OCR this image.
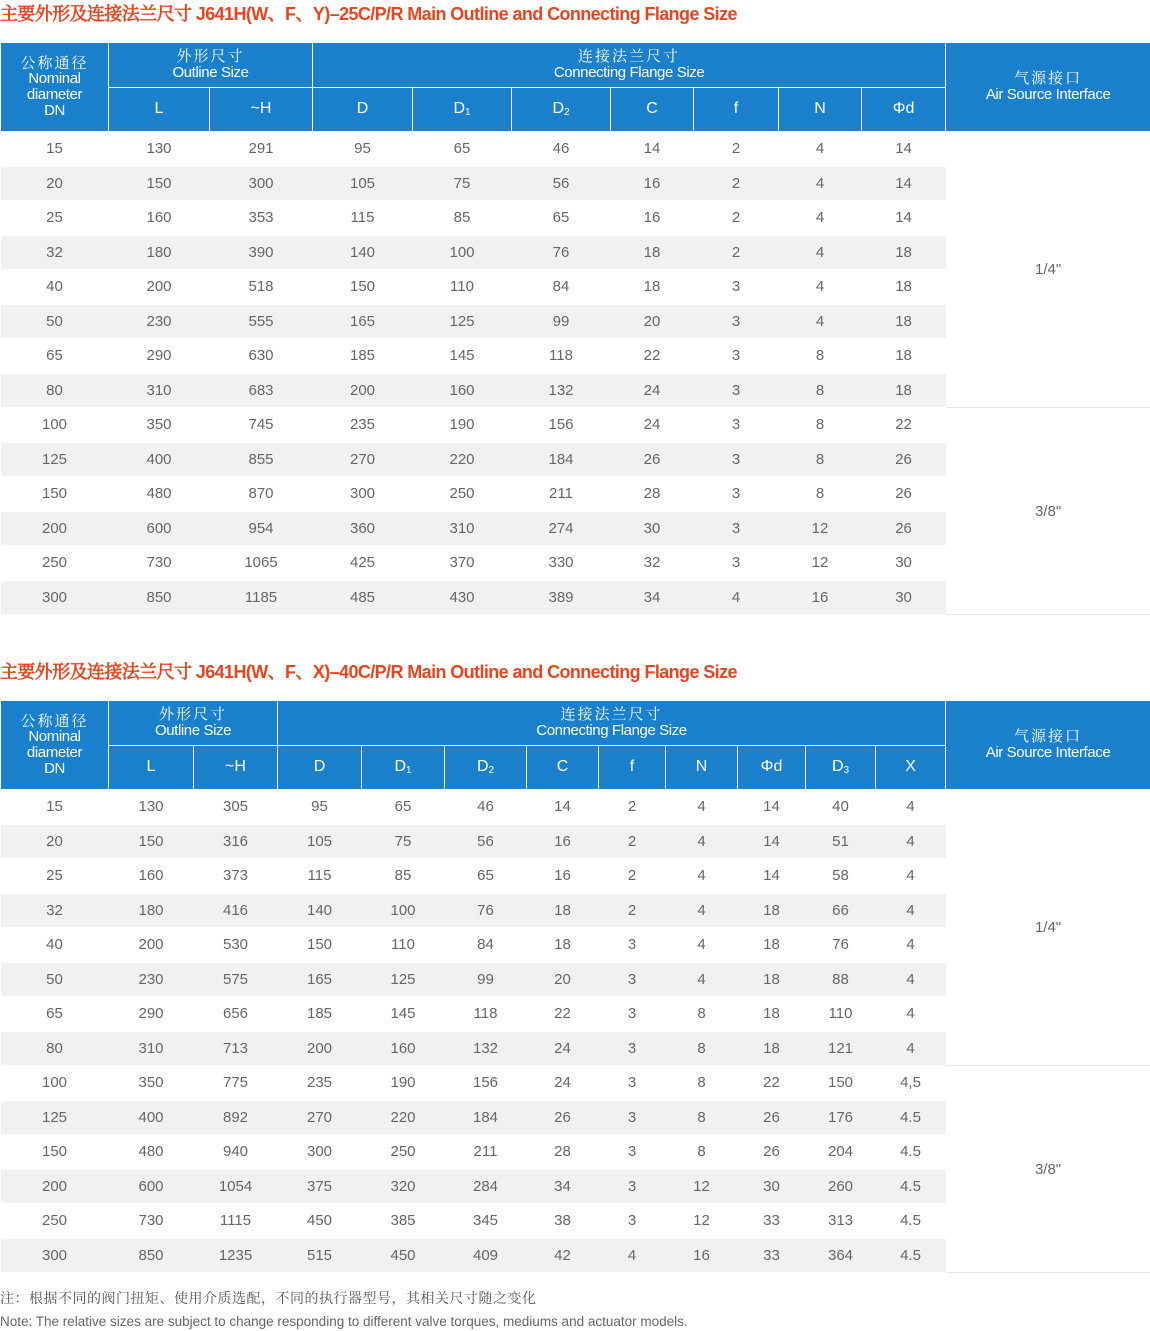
主要外形及连接法兰尺寸 J641H(W、F、Y)–25C/P/R Main Outline and Connecting Flange Size
公称通径
Nominal
diameter
DN	外形尺寸
Outline Size		连接法兰尺寸
Connecting Flange Size							气源接口
Air Source Interface

	L	~H	D	$D_1$	$D_2$	C	f	N	Φd	
15	130	291	95	65	46	14	2	4	14	1/4"
20	150	300	105	75	56	16	2	4	14	
25	160	353	115	85	65	16	2	4	14	
32	180	390	140	100	76	18	2	4	18	
40	200	518	150	110	84	18	3	4	18	
50	230	555	165	125	99	20	3	4	18	
65	290	630	185	145	118	22	3	8	18	
80	310	683	200	160	132	24	3	8	18	
100	350	745	235	190	156	24	3	8	22	3/8"
125	400	855	270	220	184	26	3	8	26	
150	480	870	300	250	211	28	3	8	26	
200	600	954	360	310	274	30	3	12	26	
250	730	1065	425	370	330	32	3	12	30	
300	850	1185	485	430	389	34	4	16	30	
主要外形及连接法兰尺寸 J641H(W、F、X)–40C/P/R Main Outline and Connecting Flange Size
公称通径
Nominal
diameter
DN	外形尺寸
Outline Size		连接法兰尺寸
Connecting Flange Size									气源接口
Air Source Interface

	L	~H	D	$D_1$	$D_2$	C	f	N	Φd	$D_3$	X	
15	130	305	95	65	46	14	2	4	14	40	4	1/4"
20	150	316	105	75	56	16	2	4	14	51	4	
25	160	373	115	85	65	16	2	4	14	58	4	
32	180	416	140	100	76	18	2	4	18	66	4	
40	200	530	150	110	84	18	3	4	18	76	4	
50	230	575	165	125	99	20	3	4	18	88	4	
65	290	656	185	145	118	22	3	8	18	110	4	
80	310	713	200	160	132	24	3	8	18	121	4	
100	350	775	235	190	156	24	3	8	22	150	4,5	3/8"
125	400	892	270	220	184	26	3	8	26	176	4.5	
150	480	940	300	250	211	28	3	8	26	204	4.5	
200	600	1054	375	320	284	34	3	12	30	260	4.5	
250	730	1115	450	385	345	38	3	12	33	313	4.5	
300	850	1235	515	450	409	42	4	16	33	364	4.5	
注：根据不同的阀门扭矩、使用介质选配，不同的执行器型号，其相关尺寸随之变化
Note: The relative sizes are subject to change responding to different valve torques, mediums and actuator models.
